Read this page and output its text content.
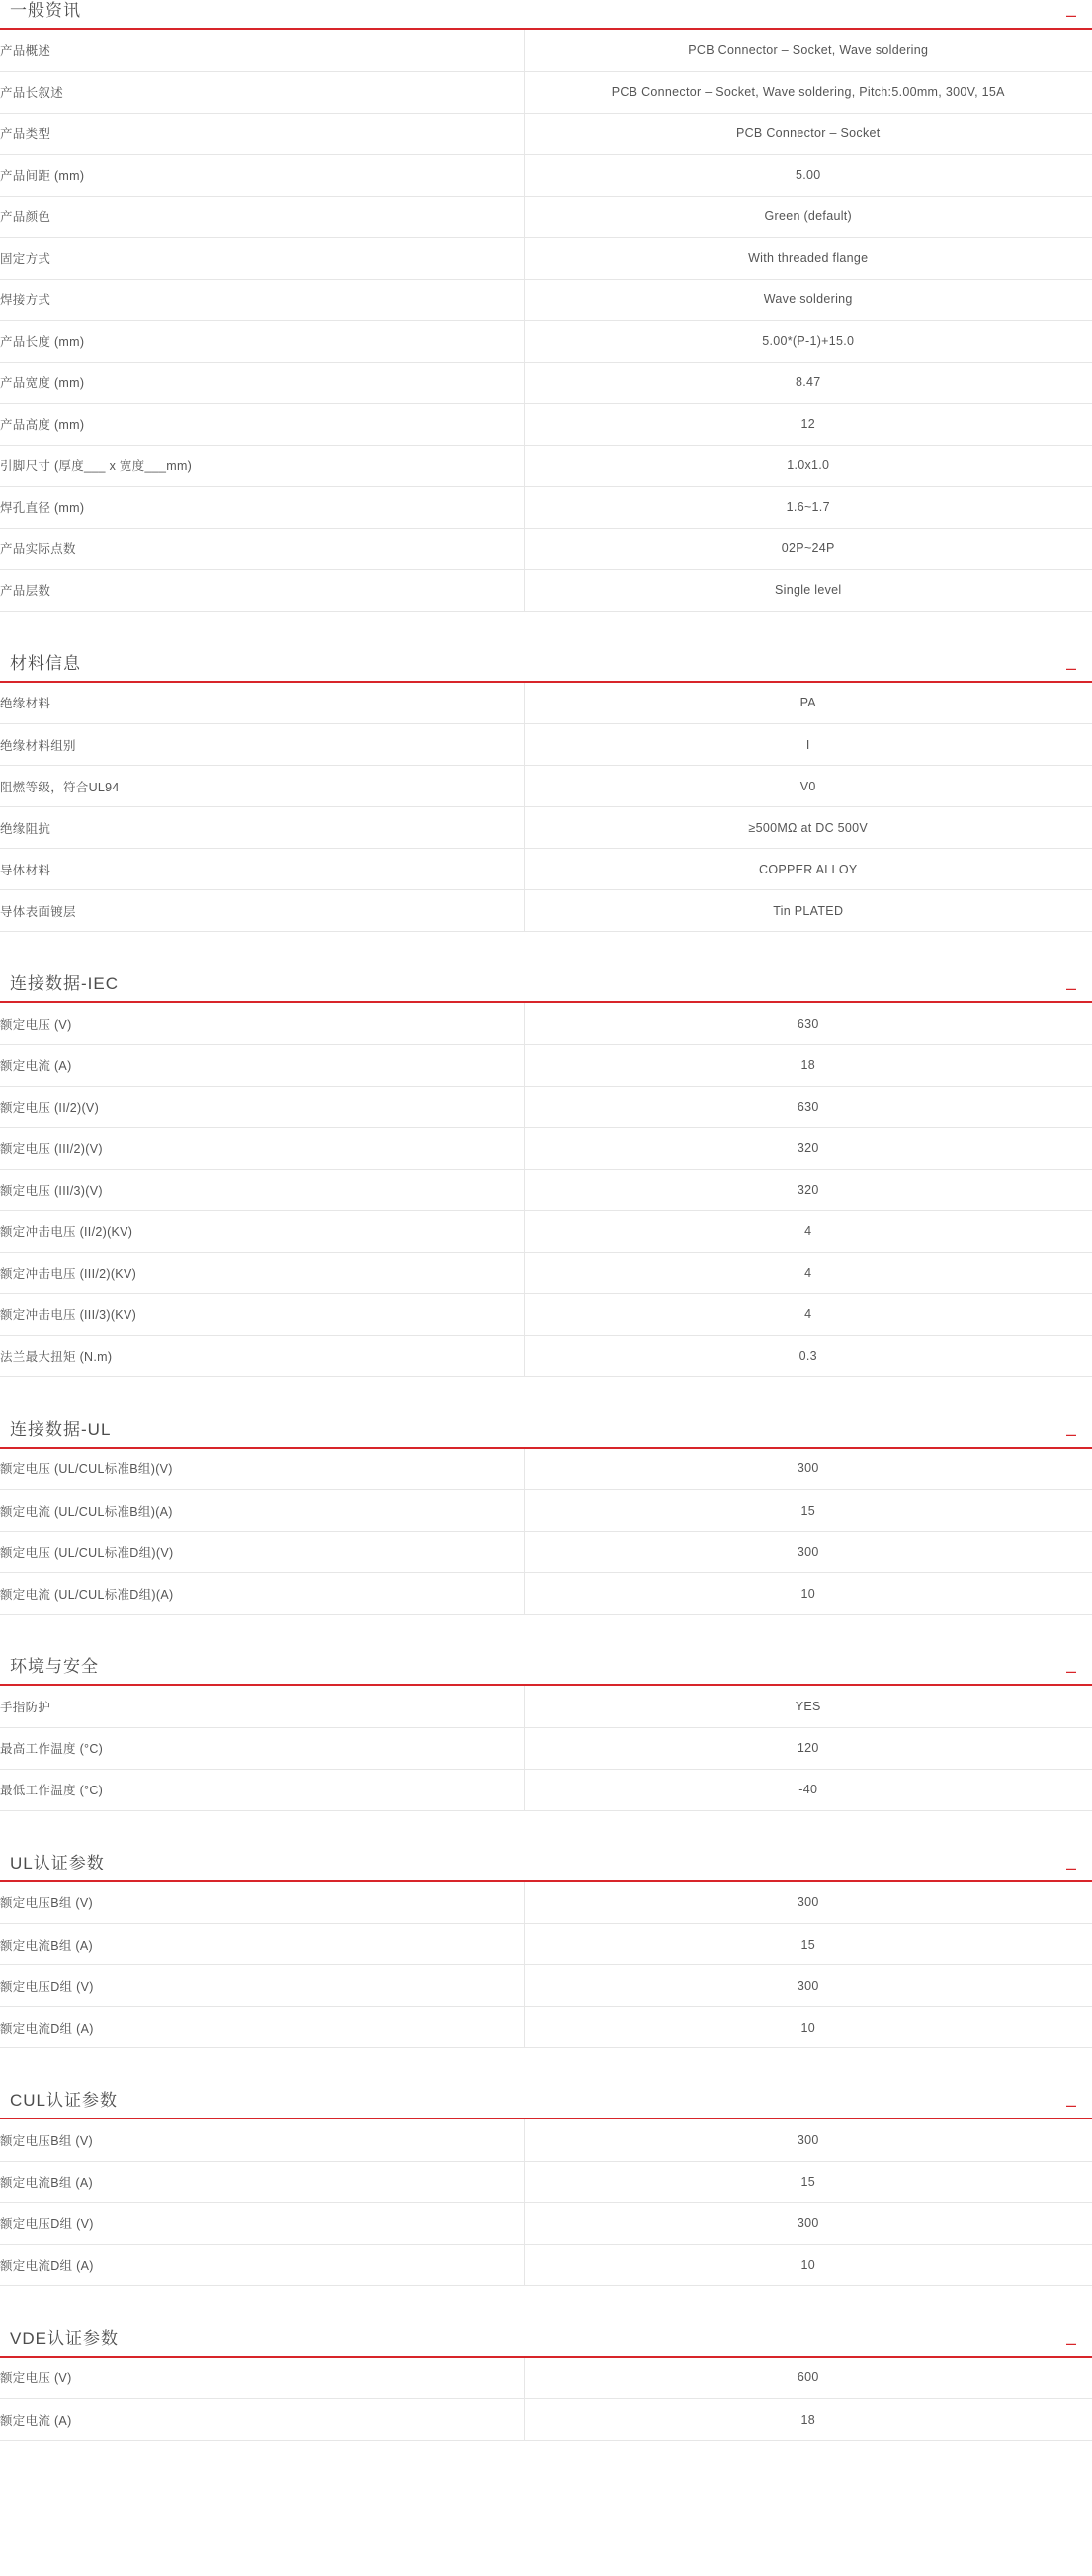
一般资讯	–
产品概述	PCB Connector – Socket, Wave soldering
产品长叙述	PCB Connector – Socket, Wave soldering, Pitch:5.00mm, 300V, 15A
产品类型	PCB Connector – Socket
产品间距 (mm)	5.00
产品颜色	Green (default)
固定方式	With threaded flange
焊接方式	Wave soldering
产品长度 (mm)	5.00*(P-1)+15.0
产品宽度 (mm)	8.47
产品高度 (mm)	12
引脚尺寸 (厚度___ x 宽度___mm)	1.0x1.0
焊孔直径 (mm)	1.6~1.7
产品实际点数	02P~24P
产品层数	Single level
材料信息	–
绝缘材料	PA
绝缘材料组别	I
阻燃等级，符合UL94	V0
绝缘阻抗	≥500MΩ at DC 500V
导体材料	COPPER ALLOY
导体表面镀层	Tin PLATED
连接数据-IEC	–
额定电压 (V)	630
额定电流 (A)	18
额定电压 (II/2)(V)	630
额定电压 (III/2)(V)	320
额定电压 (III/3)(V)	320
额定冲击电压 (II/2)(KV)	4
额定冲击电压 (III/2)(KV)	4
额定冲击电压 (III/3)(KV)	4
法兰最大扭矩 (N.m)	0.3
连接数据-UL	–
额定电压 (UL/CUL标准B组)(V)	300
额定电流 (UL/CUL标准B组)(A)	15
额定电压 (UL/CUL标准D组)(V)	300
额定电流 (UL/CUL标准D组)(A)	10
环境与安全	–
手指防护	YES
最高工作温度 (°C)	120
最低工作温度 (°C)	-40
UL认证参数	–
额定电压B组 (V)	300
额定电流B组 (A)	15
额定电压D组 (V)	300
额定电流D组 (A)	10
CUL认证参数	–
额定电压B组 (V)	300
额定电流B组 (A)	15
额定电压D组 (V)	300
额定电流D组 (A)	10
VDE认证参数	–
额定电压 (V)	600
额定电流 (A)	18
